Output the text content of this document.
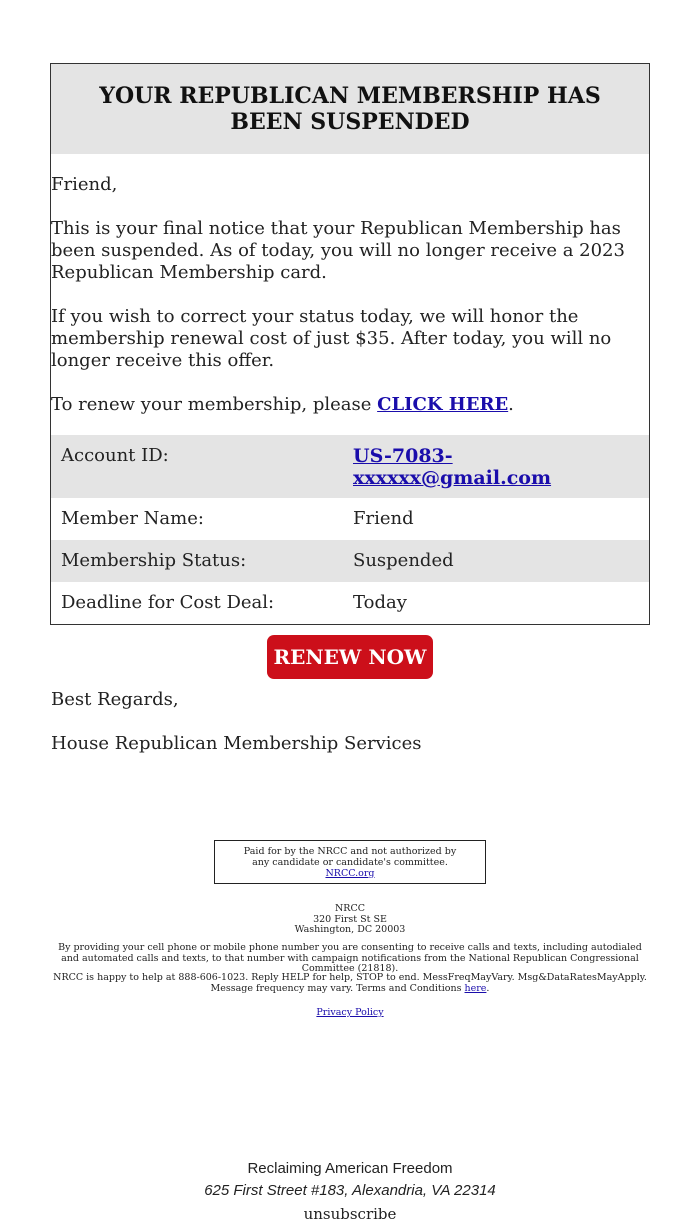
YOUR REPUBLICAN MEMBERSHIP HAS BEEN SUSPENDED

Friend,

This is your final notice that your Republican Membership has been suspended. As of today, you will no longer receive a 2023 Republican Membership card.

If you wish to correct your status today, we will honor the membership renewal cost of just $35. After today, you will no longer receive this offer.

To renew your membership, please CLICK HERE.

Account ID:	US-7083-xxxxxx@gmail.com
Member Name:	Friend
Membership Status:	Suspended
Deadline for Cost Deal:	Today
RENEW NOW
Best Regards,
House Republican Membership Services
Paid for by the NRCC and not authorized by any candidate or candidate's committee. NRCC.org
NRCC
320 First St SE
Washington, DC 20003
By providing your cell phone or mobile phone number you are consenting to receive calls and texts, including autodialed and automated calls and texts, to that number with campaign notifications from the National Republican Congressional Committee (21818).
NRCC is happy to help at 888-606-1023. Reply HELP for help, STOP to end. MessFreqMayVary. Msg&DataRatesMayApply. Message frequency may vary. Terms and Conditions here.
Privacy Policy
Reclaiming American Freedom
625 First Street #183, Alexandria, VA 22314
unsubscribe
